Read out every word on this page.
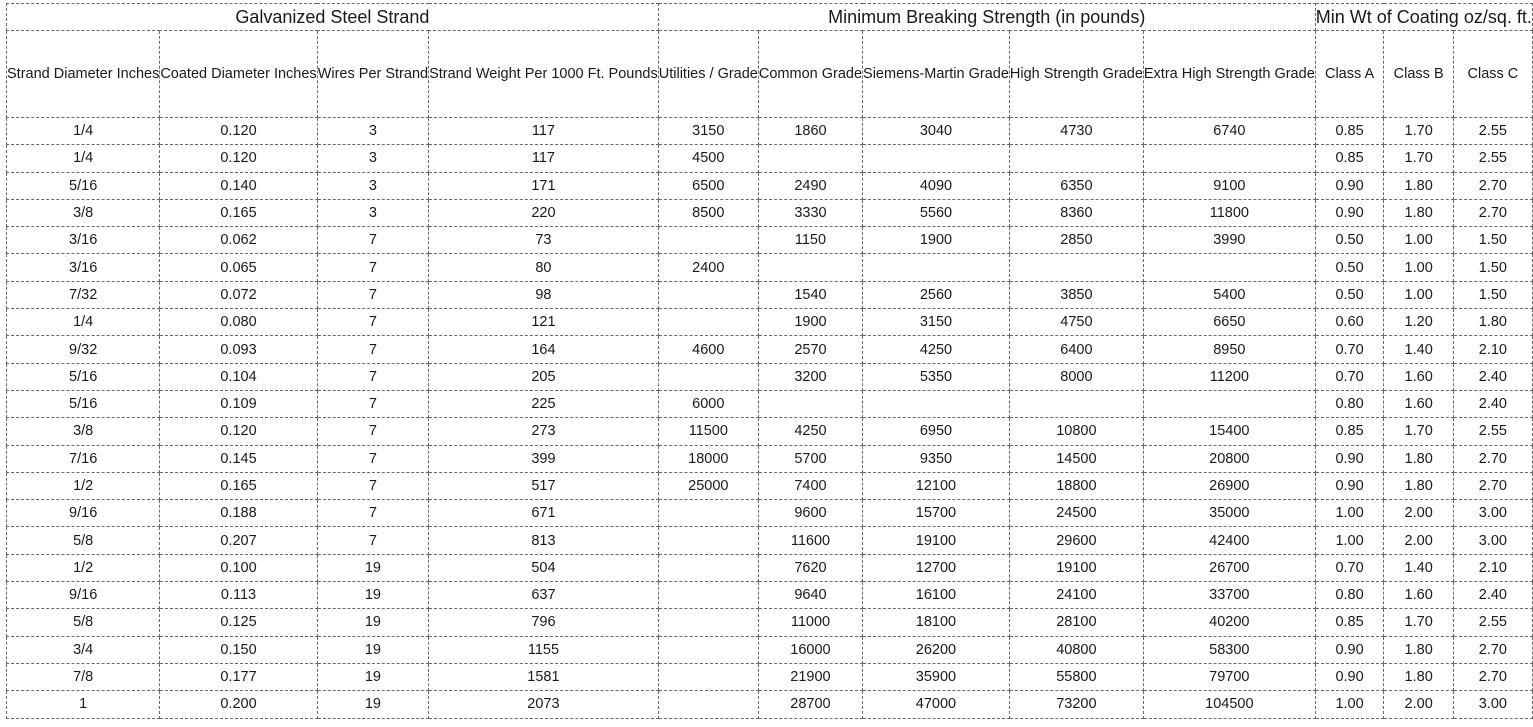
Galvanized Steel Strand				Minimum Breaking Strength (in pounds)					Min Wt of Coating oz/sq. ft.		
Strand Diameter Inches	Coated Diameter Inches	Wires Per Strand	Strand Weight Per 1000 Ft. Pounds	Utilities / Grade	Common Grade	Siemens-Martin Grade	High Strength Grade	Extra High Strength Grade	Class A	Class B	Class C
1/4	0.120	3	117	3150	1860	3040	4730	6740	0.85	1.70	2.55
1/4	0.120	3	117	4500					0.85	1.70	2.55
5/16	0.140	3	171	6500	2490	4090	6350	9100	0.90	1.80	2.70
3/8	0.165	3	220	8500	3330	5560	8360	11800	0.90	1.80	2.70
3/16	0.062	7	73		1150	1900	2850	3990	0.50	1.00	1.50
3/16	0.065	7	80	2400					0.50	1.00	1.50
7/32	0.072	7	98		1540	2560	3850	5400	0.50	1.00	1.50
1/4	0.080	7	121		1900	3150	4750	6650	0.60	1.20	1.80
9/32	0.093	7	164	4600	2570	4250	6400	8950	0.70	1.40	2.10
5/16	0.104	7	205		3200	5350	8000	11200	0.70	1.60	2.40
5/16	0.109	7	225	6000					0.80	1.60	2.40
3/8	0.120	7	273	11500	4250	6950	10800	15400	0.85	1.70	2.55
7/16	0.145	7	399	18000	5700	9350	14500	20800	0.90	1.80	2.70
1/2	0.165	7	517	25000	7400	12100	18800	26900	0.90	1.80	2.70
9/16	0.188	7	671		9600	15700	24500	35000	1.00	2.00	3.00
5/8	0.207	7	813		11600	19100	29600	42400	1.00	2.00	3.00
1/2	0.100	19	504		7620	12700	19100	26700	0.70	1.40	2.10
9/16	0.113	19	637		9640	16100	24100	33700	0.80	1.60	2.40
5/8	0.125	19	796		11000	18100	28100	40200	0.85	1.70	2.55
3/4	0.150	19	1155		16000	26200	40800	58300	0.90	1.80	2.70
7/8	0.177	19	1581		21900	35900	55800	79700	0.90	1.80	2.70
1	0.200	19	2073		28700	47000	73200	104500	1.00	2.00	3.00
